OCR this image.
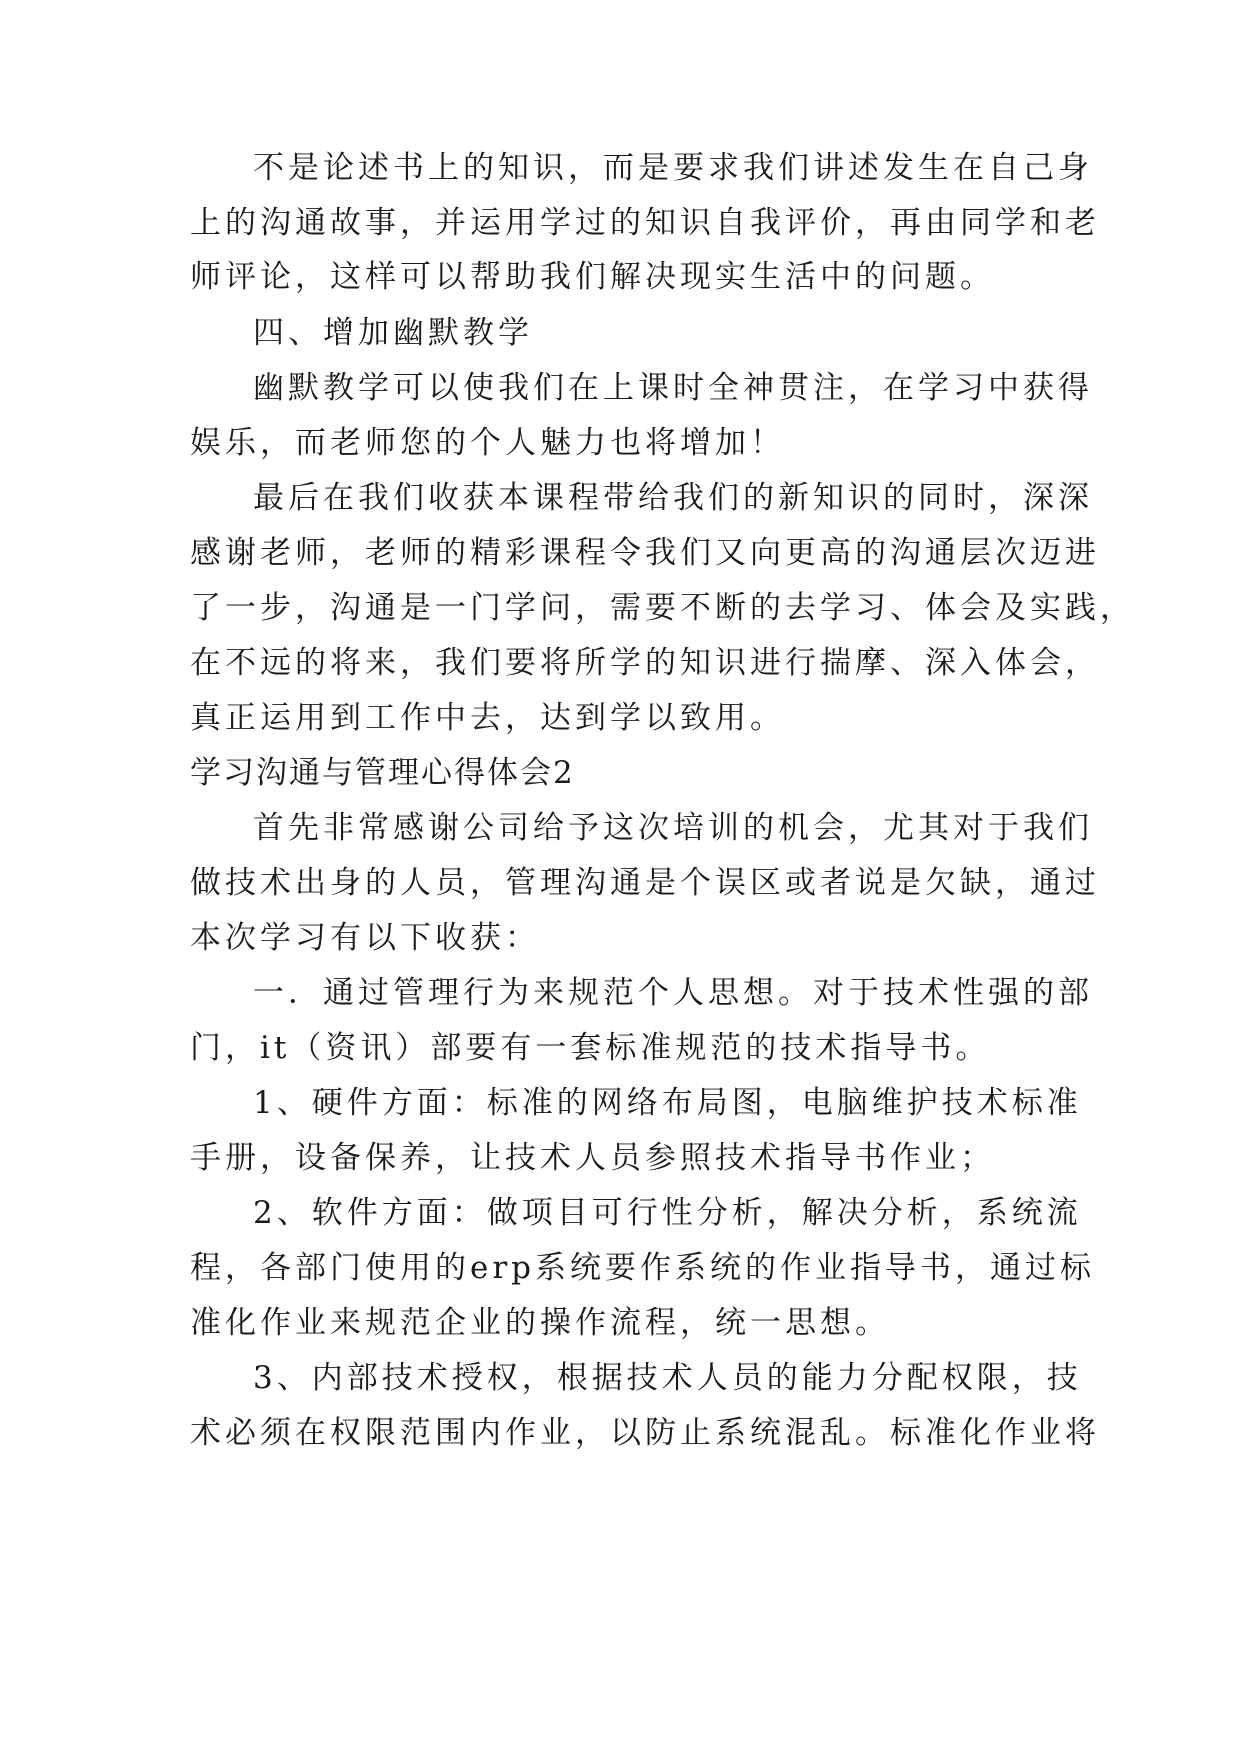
不是论述书上的知识，而是要求我们讲述发生在自己身
上的沟通故事，并运用学过的知识自我评价，再由同学和老
师评论，这样可以帮助我们解决现实生活中的问题。
四、增加幽默教学
幽默教学可以使我们在上课时全神贯注，在学习中获得
娱乐，而老师您的个人魅力也将增加！
最后在我们收获本课程带给我们的新知识的同时，深深
感谢老师，老师的精彩课程令我们又向更高的沟通层次迈进
了一步，沟通是一门学问，需要不断的去学习、体会及实践，
在不远的将来，我们要将所学的知识进行揣摩、深入体会，
真正运用到工作中去，达到学以致用。
学习沟通与管理心得体会2
首先非常感谢公司给予这次培训的机会，尤其对于我们
做技术出身的人员，管理沟通是个误区或者说是欠缺，通过
本次学习有以下收获：
一．通过管理行为来规范个人思想。对于技术性强的部
门，it（资讯）部要有一套标准规范的技术指导书。
1、硬件方面：标准的网络布局图，电脑维护技术标准
手册，设备保养，让技术人员参照技术指导书作业；
2、软件方面：做项目可行性分析，解决分析，系统流
程，各部门使用的erp系统要作系统的作业指导书，通过标
准化作业来规范企业的操作流程，统一思想。
3、内部技术授权，根据技术人员的能力分配权限，技
术必须在权限范围内作业，以防止系统混乱。标准化作业将
